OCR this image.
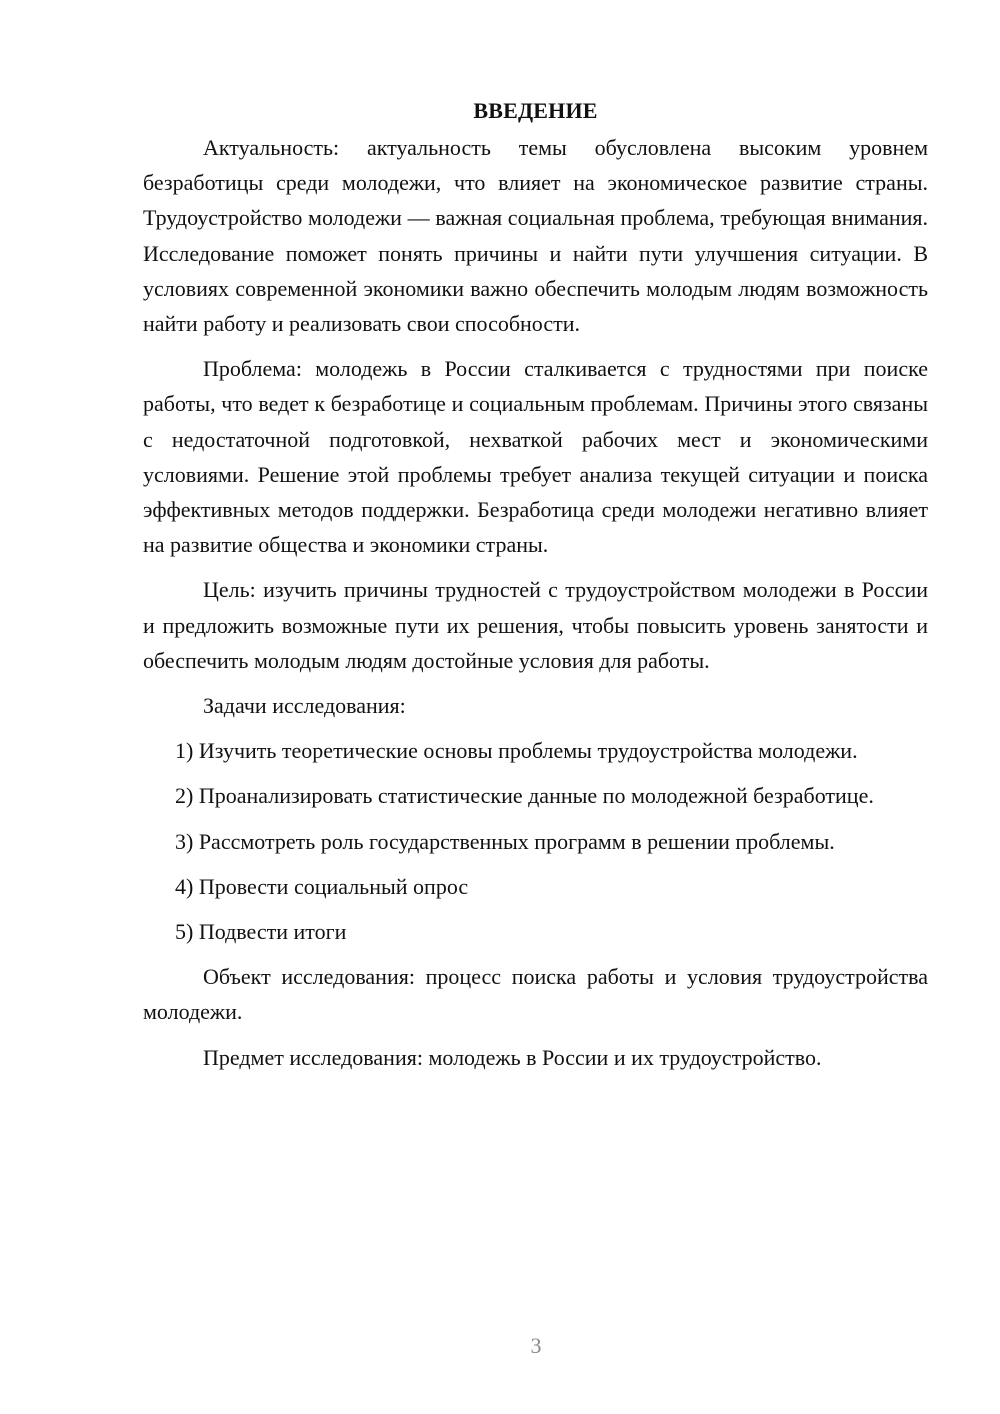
ВВЕДЕНИЕ

Актуальность: актуальность темы обусловлена высоким уровнем безработицы среди молодежи, что влияет на экономическое развитие страны. Трудоустройство молодежи — важная социальная проблема, требующая внимания. Исследование поможет понять причины и найти пути улучшения ситуации. В условиях современной экономики важно обеспечить молодым людям возможность найти работу и реализовать свои способности.

Проблема: молодежь в России сталкивается с трудностями при поиске работы, что ведет к безработице и социальным проблемам. Причины этого связаны с недостаточной подготовкой, нехваткой рабочих мест и экономическими условиями. Решение этой проблемы требует анализа текущей ситуации и поиска эффективных методов поддержки. Безработица среди молодежи негативно влияет на развитие общества и экономики страны.

Цель: изучить причины трудностей с трудоустройством молодежи в России и предложить возможные пути их решения, чтобы повысить уровень занятости и обеспечить молодым людям достойные условия для работы.

Задачи исследования:

1) Изучить теоретические основы проблемы трудоустройства молодежи.
2) Проанализировать статистические данные по молодежной безработице.
3) Рассмотреть роль государственных программ в решении проблемы.
4) Провести социальный опрос
5) Подвести итоги

Объект исследования: процесс поиска работы и условия трудоустройства молодежи.

Предмет исследования: молодежь в России и их трудоустройство.

3
